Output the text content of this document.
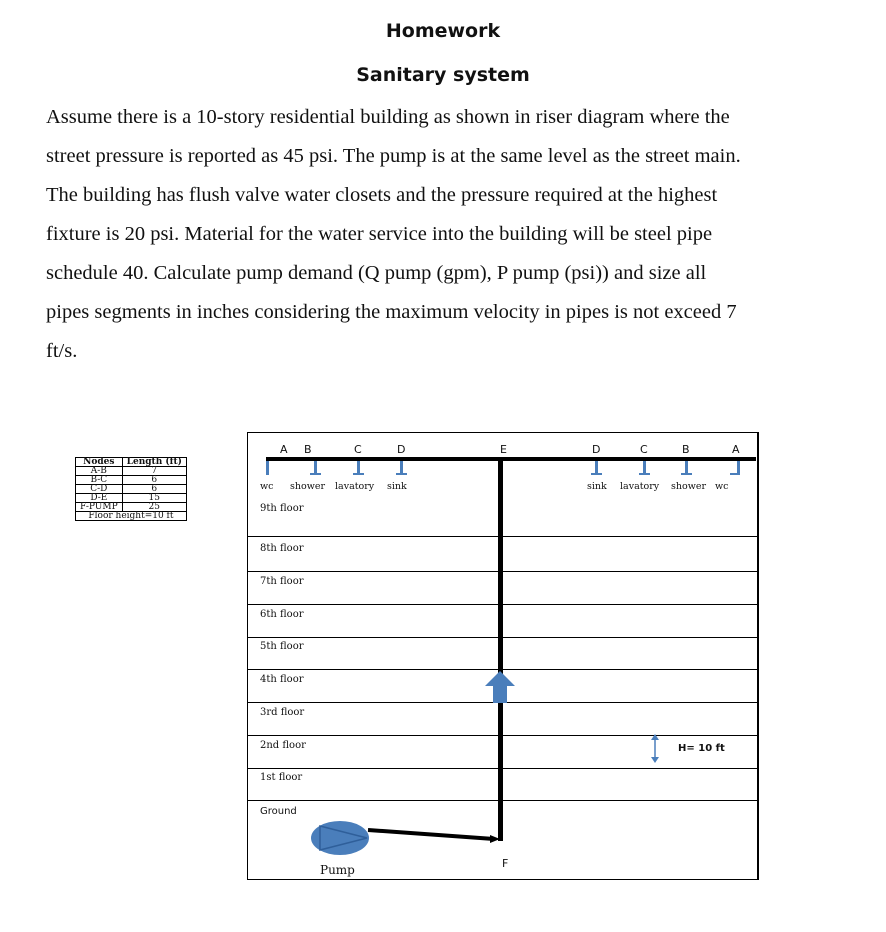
Homework
Sanitary system
Assume there is a 10-story residential building as shown in riser diagram where the
street pressure is reported as 45 psi. The pump is at the same level as the street main.
The building has flush valve water closets and the pressure required at the highest
fixture is 20 psi. Material for the water service into the building will be steel pipe
schedule 40. Calculate pump demand (Q pump (gpm), P pump (psi)) and size all
pipes segments in inches considering the maximum velocity in pipes is not exceed 7
ft/s.
Nodes	Length (ft)
A-B	7
B-C	6
C-D	6
D-E	15
F-PUMP	25
Floor height=10 ft	
A B	C	D	E	D	C	B	A
wc shower lavatory sink	sink lavatory shower wc
9th floor
8th floor
7th floor
6th floor
5th floor
4th floor
3rd floor
2nd floor
1st floor
Ground
H= 10 ft
Pump	F
